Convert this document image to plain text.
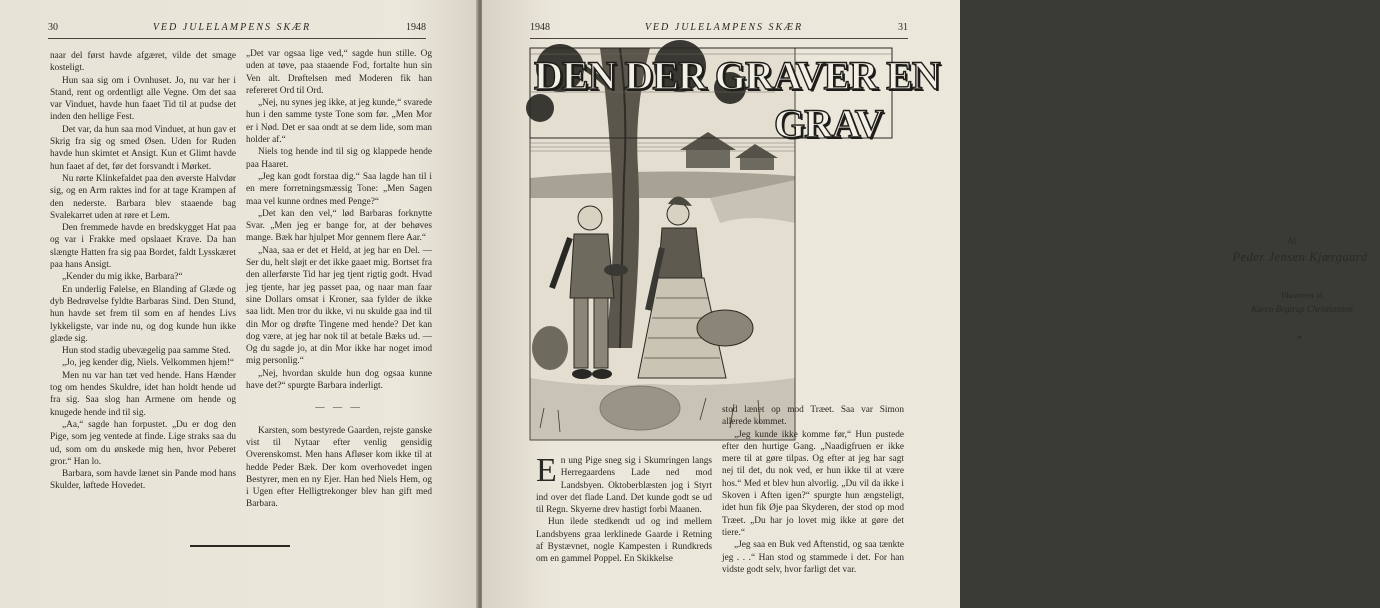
30	VED JULELAMPENS SKÆR	1948

naar del først havde afgæret, vilde det smage kosteligt.

Hun saa sig om i Ovnhuset. Jo, nu var her i Stand, rent og ordentligt alle Vegne. Om det saa var Vinduet, havde hun faaet Tid til at pudse det inden den hellige Fest.

Det var, da hun saa mod Vinduet, at hun gav et Skrig fra sig og smed Øsen. Uden for Ruden havde hun skimtet et Ansigt. Kun et Glimt havde hun faaet af det, før det forsvandt i Mørket.

Nu rørte Klinkefaldet paa den øverste Halvdør sig, og en Arm raktes ind for at tage Krampen af den nederste. Barbara blev staaende bag Svalekarret uden at røre et Lem.

Den fremmede havde en bredskygget Hat paa og var i Frakke med opslaaet Krave. Da han slængte Hatten fra sig paa Bordet, faldt Lysskæret paa hans Ansigt.

„Kender du mig ikke, Barbara?“

En underlig Følelse, en Blanding af Glæde og dyb Bedrøvelse fyldte Barbaras Sind. Den Stund, hun havde set frem til som en af hendes Livs lykkeligste, var inde nu, og dog kunde hun ikke glæde sig.

Hun stod stadig ubevægelig paa samme Sted.

„Jo, jeg kender dig, Niels. Velkommen hjem!“

Men nu var han tæt ved hende. Hans Hænder tog om hendes Skuldre, idet han holdt hende ud fra sig. Saa slog han Armene om hende og knugede hende ind til sig.

„Aa,“ sagde han forpustet. „Du er dog den Pige, som jeg ventede at finde. Lige straks saa du ud, som om du ønskede mig hen, hvor Peberet gror.“ Han lo.

Barbara, som havde lænet sin Pande mod hans Skulder, løftede Hovedet.

„Det var ogsaa lige ved,“ sagde hun stille. Og uden at tøve, paa staaende Fod, fortalte hun sin Ven alt. Drøftelsen med Moderen fik han refereret Ord til Ord.

„Nej, nu synes jeg ikke, at jeg kunde,“ svarede hun i den samme tyste Tone som før. „Men Mor er i Nød. Det er saa ondt at se dem lide, som man holder af.“

Niels tog hende ind til sig og klappede hende paa Haaret.

„Jeg kan godt forstaa dig.“ Saa lagde han til i en mere forretningsmæssig Tone: „Men Sagen maa vel kunne ordnes med Penge?“

„Det kan den vel,“ lød Barbaras forknytte Svar. „Men jeg er bange for, at der behøves mange. Bæk har hjulpet Mor gennem flere Aar.“

„Naa, saa er det et Held, at jeg har en Del. — Ser du, helt sløjt er det ikke gaaet mig. Bortset fra den allerførste Tid har jeg tjent rigtig godt. Hvad jeg tjente, har jeg passet paa, og naar man faar sine Dollars omsat i Kroner, saa fylder de ikke saa lidt. Men tror du ikke, vi nu skulde gaa ind til din Mor og drøfte Tingene med hende? Det kan dog være, at jeg har nok til at betale Bæks ud. — Og du sagde jo, at din Mor ikke har noget imod mig personlig.“

„Nej, hvordan skulde hun dog ogsaa kunne have det?“ spurgte Barbara inderligt.

— — —

Karsten, som bestyrede Gaarden, rejste ganske vist til Nytaar efter venlig gensidig Overenskomst. Men hans Afløser kom ikke til at hedde Peder Bæk. Der kom overhovedet ingen Bestyrer, men en ny Ejer. Han hed Niels Hem, og i Ugen efter Helligtrekonger blev han gift med Barbara.

1948	VED JULELAMPENS SKÆR	31
DEN DER GRAVER EN
GRAV
Af
Peder Jensen Kjærgaard
Illustreret af
Karen Begtrup Christiansen
*

En ung Pige sneg sig i Skumringen langs Herregaardens Lade ned mod Landsbyen. Oktoberblæsten jog i Styrt ind over det flade Land. Det kunde godt se ud til Regn. Skyerne drev hastigt forbi Maanen.

Hun ilede stedkendt ud og ind mellem Landsbyens graa lerklinede Gaarde i Retning af Bystævnet, nogle Kampesten i Rundkreds om en gammel Poppel. En Skikkelse

stod lænet op mod Træet. Saa var Simon allerede kommet.

„Jeg kunde ikke komme før,“ Hun pustede efter den hurtige Gang. „Naadigfruen er ikke mere til at gøre tilpas. Og efter at jeg har sagt nej til det, du nok ved, er hun ikke til at være hos.“ Med et blev hun alvorlig. „Du vil da ikke i Skoven i Aften igen?“ spurgte hun ængsteligt, idet hun fik Øje paa Skyderen, der stod op mod Træet. „Du har jo lovet mig ikke at gøre det tiere.“

„Jeg saa en Buk ved Aftenstid, og saa tænkte jeg . . .“ Han stod og stammede i det. For han vidste godt selv, hvor farligt det var.
